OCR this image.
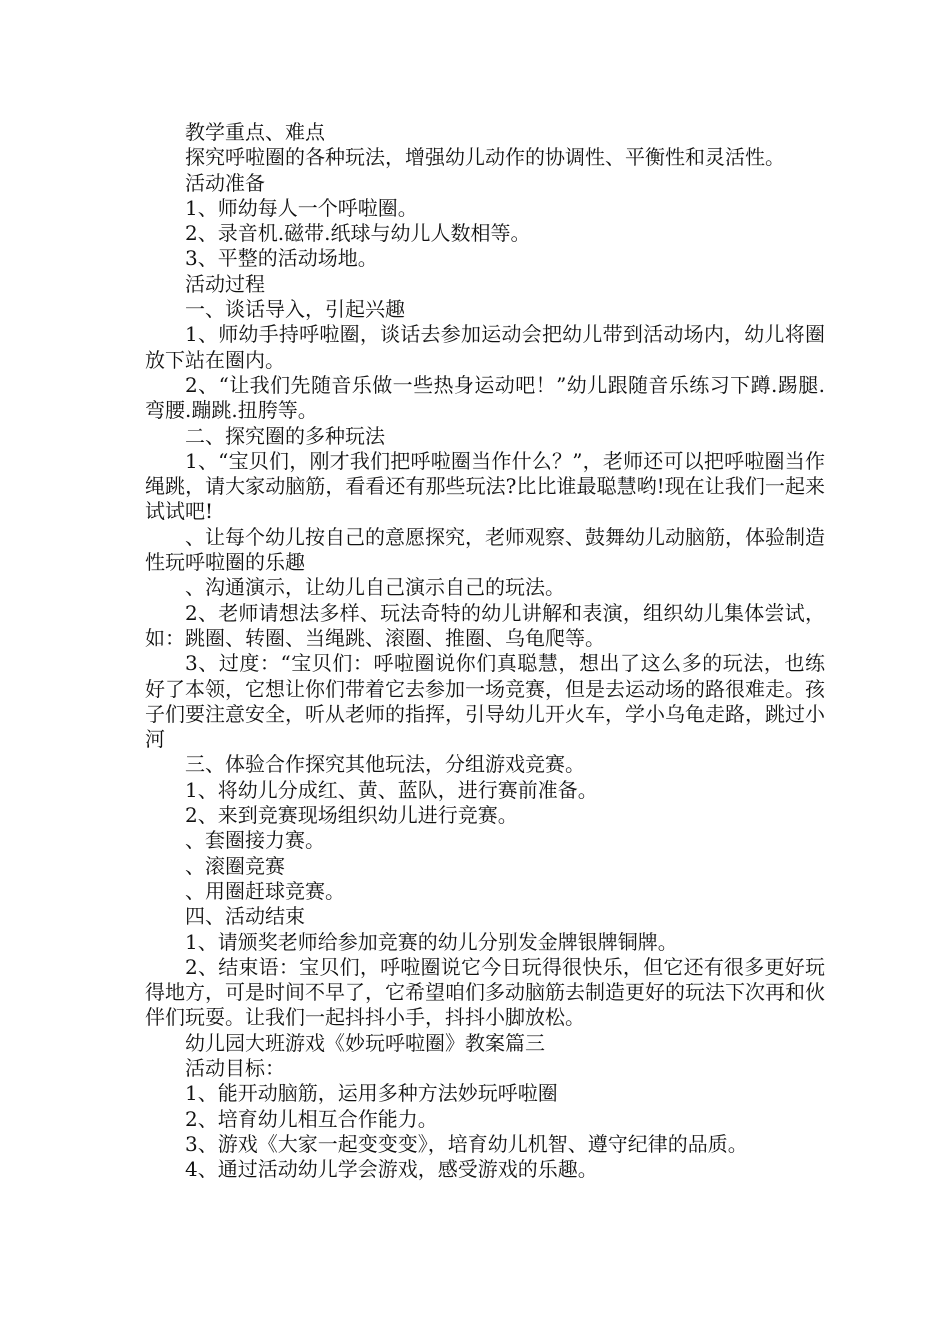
教学重点、难点

探究呼啦圈的各种玩法，增强幼儿动作的协调性、平衡性和灵活性。

活动准备

1、师幼每人一个呼啦圈。

2、录音机.磁带.纸球与幼儿人数相等。

3、平整的活动场地。

活动过程

一、谈话导入，引起兴趣

1、师幼手持呼啦圈，谈话去参加运动会把幼儿带到活动场内，幼儿将圈放下站在圈内。

2、“让我们先随音乐做一些热身运动吧！”幼儿跟随音乐练习下蹲.踢腿.弯腰.蹦跳.扭胯等。

二、探究圈的多种玩法

1、“宝贝们，刚才我们把呼啦圈当作什么？”，老师还可以把呼啦圈当作绳跳，请大家动脑筋，看看还有那些玩法?比比谁最聪慧哟!现在让我们一起来试试吧!

、让每个幼儿按自己的意愿探究，老师观察、鼓舞幼儿动脑筋，体验制造性玩呼啦圈的乐趣

、沟通演示，让幼儿自己演示自己的玩法。

2、老师请想法多样、玩法奇特的幼儿讲解和表演，组织幼儿集体尝试，如：跳圈、转圈、当绳跳、滚圈、推圈、乌龟爬等。

3、过度：“宝贝们：呼啦圈说你们真聪慧，想出了这么多的玩法，也练好了本领，它想让你们带着它去参加一场竞赛，但是去运动场的路很难走。孩子们要注意安全，听从老师的指挥，引导幼儿开火车，学小乌龟走路，跳过小河

三、体验合作探究其他玩法，分组游戏竞赛。

1、将幼儿分成红、黄、蓝队，进行赛前准备。

2、来到竞赛现场组织幼儿进行竞赛。

、套圈接力赛。

、滚圈竞赛

、用圈赶球竞赛。

四、活动结束

1、请颁奖老师给参加竞赛的幼儿分别发金牌银牌铜牌。

2、结束语：宝贝们，呼啦圈说它今日玩得很快乐，但它还有很多更好玩得地方，可是时间不早了，它希望咱们多动脑筋去制造更好的玩法下次再和伙伴们玩耍。让我们一起抖抖小手，抖抖小脚放松。

幼儿园大班游戏《妙玩呼啦圈》教案篇三

活动目标：

1、能开动脑筋，运用多种方法妙玩呼啦圈

2、培育幼儿相互合作能力。

3、游戏《大家一起变变变》，培育幼儿机智、遵守纪律的品质。

4、通过活动幼儿学会游戏，感受游戏的乐趣。
